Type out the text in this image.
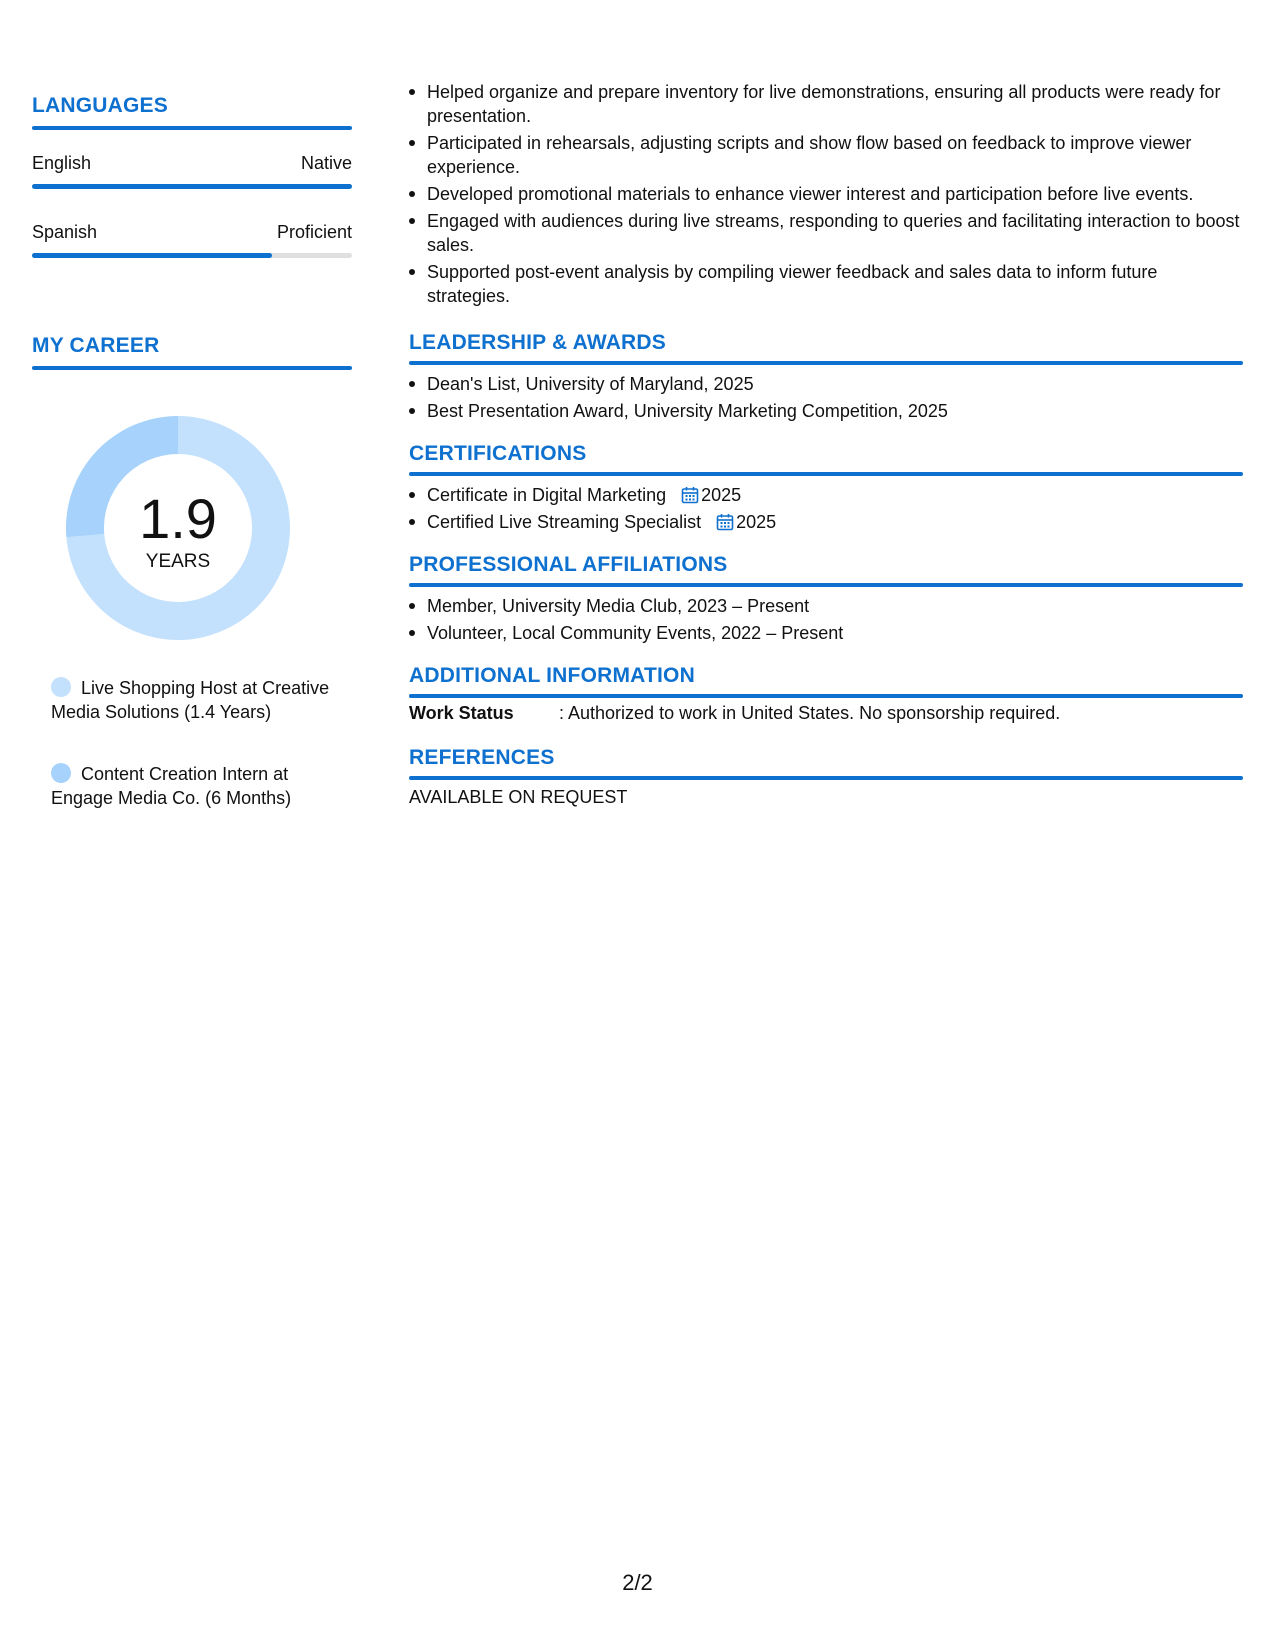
LANGUAGES
English	Native
Spanish	Proficient
MY CAREER
1.9
YEARS
Live Shopping Host at Creative Media Solutions (1.4 Years)
Content Creation Intern at Engage Media Co. (6 Months)
Helped organize and prepare inventory for live demonstrations, ensuring all products were ready for presentation.
Participated in rehearsals, adjusting scripts and show flow based on feedback to improve viewer experience.
Developed promotional materials to enhance viewer interest and participation before live events.
Engaged with audiences during live streams, responding to queries and facilitating interaction to boost sales.
Supported post-event analysis by compiling viewer feedback and sales data to inform future strategies.
LEADERSHIP & AWARDS
Dean's List, University of Maryland, 2025
Best Presentation Award, University Marketing Competition, 2025
CERTIFICATIONS
Certificate in Digital Marketing 2025
Certified Live Streaming Specialist 2025
PROFESSIONAL AFFILIATIONS
Member, University Media Club, 2023 – Present
Volunteer, Local Community Events, 2022 – Present
ADDITIONAL INFORMATION
Work Status	: Authorized to work in United States. No sponsorship required.
REFERENCES
AVAILABLE ON REQUEST
2/2
